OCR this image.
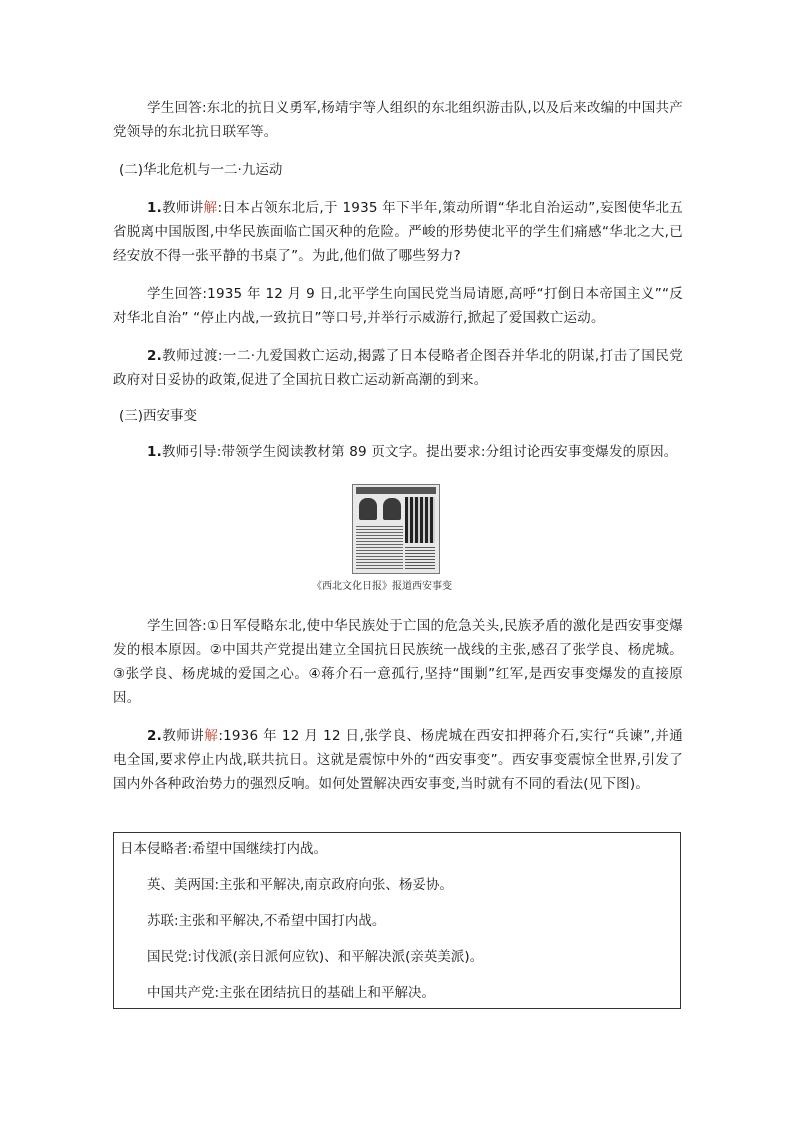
学生回答:东北的抗日义勇军,杨靖宇等人组织的东北组织游击队,以及后来改编的中国共产党领导的东北抗日联军等。

(二)华北危机与一二·九运动

1.教师讲解:日本占领东北后,于 1935 年下半年,策动所谓“华北自治运动”,妄图使华北五省脱离中国版图,中华民族面临亡国灭种的危险。严峻的形势使北平的学生们痛感“华北之大,已经安放不得一张平静的书桌了”。为此,他们做了哪些努力?

学生回答:1935 年 12 月 9 日,北平学生向国民党当局请愿,高呼“打倒日本帝国主义”“反对华北自治” “停止内战,一致抗日”等口号,并举行示威游行,掀起了爱国救亡运动。

2.教师过渡:一二·九爱国救亡运动,揭露了日本侵略者企图吞并华北的阴谋,打击了国民党政府对日妥协的政策,促进了全国抗日救亡运动新高潮的到来。

(三)西安事变

1.教师引导:带领学生阅读教材第 89 页文字。提出要求:分组讨论西安事变爆发的原因。

《西北文化日报》报道西安事变

学生回答:①日军侵略东北,使中华民族处于亡国的危急关头,民族矛盾的激化是西安事变爆发的根本原因。②中国共产党提出建立全国抗日民族统一战线的主张,感召了张学良、杨虎城。③张学良、杨虎城的爱国之心。④蒋介石一意孤行,坚持“围剿”红军,是西安事变爆发的直接原因。

2.教师讲解:1936 年 12 月 12 日,张学良、杨虎城在西安扣押蒋介石,实行“兵谏”,并通电全国,要求停止内战,联共抗日。这就是震惊中外的“西安事变”。西安事变震惊全世界,引发了国内外各种政治势力的强烈反响。如何处置解决西安事变,当时就有不同的看法(见下图)。

日本侵略者:希望中国继续打内战。

英、美两国:主张和平解决,南京政府向张、杨妥协。

苏联:主张和平解决,不希望中国打内战。

国民党:讨伐派(亲日派何应钦)、和平解决派(亲英美派)。

中国共产党:主张在团结抗日的基础上和平解决。
